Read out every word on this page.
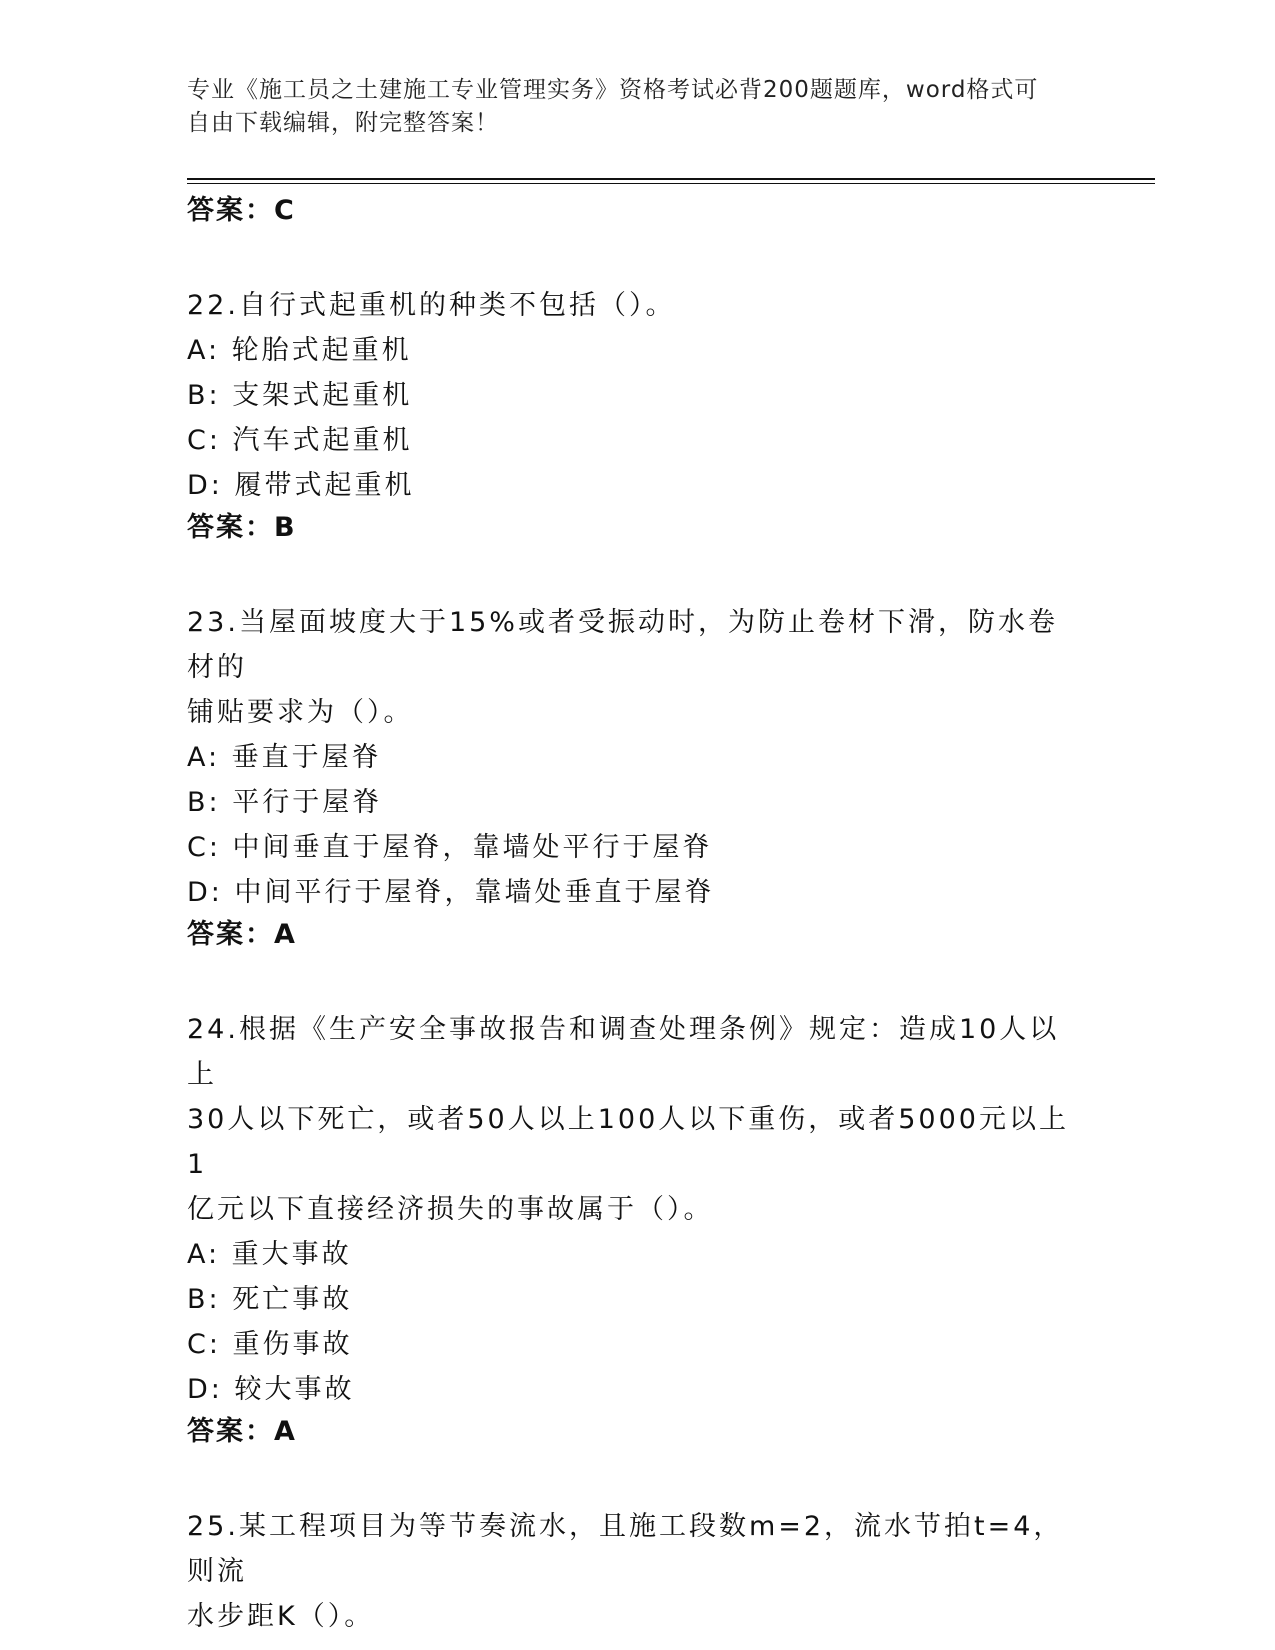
专业《施工员之土建施工专业管理实务》资格考试必背200题题库，word格式可
自由下载编辑，附完整答案！
答案：C
22.自行式起重机的种类不包括（）。
A: 轮胎式起重机
B: 支架式起重机
C: 汽车式起重机
D: 履带式起重机
答案：B
23.当屋面坡度大于15%或者受振动时，为防止卷材下滑，防水卷材的
铺贴要求为（）。
A: 垂直于屋脊
B: 平行于屋脊
C: 中间垂直于屋脊，靠墙处平行于屋脊
D: 中间平行于屋脊，靠墙处垂直于屋脊
答案：A
24.根据《生产安全事故报告和调查处理条例》规定：造成10人以上
30人以下死亡，或者50人以上100人以下重伤，或者5000元以上1
亿元以下直接经济损失的事故属于（）。
A: 重大事故
B: 死亡事故
C: 重伤事故
D: 较大事故
答案：A
25.某工程项目为等节奏流水，且施工段数m=2，流水节拍t=4，则流
水步距K（）。
